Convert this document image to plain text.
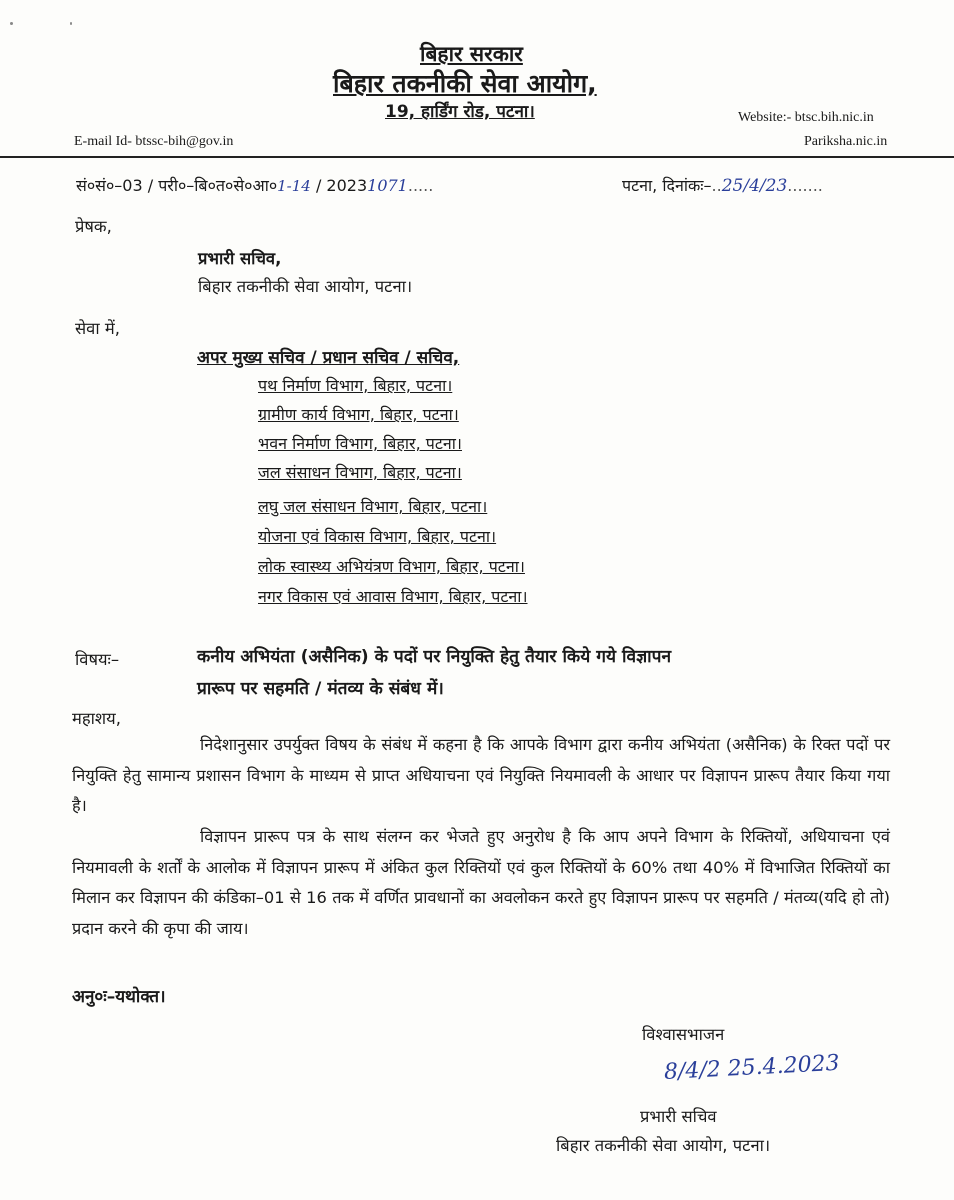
बिहार सरकार
बिहार तकनीकी सेवा आयोग,
19, हार्डिंग रोड, पटना।	Website:- btsc.bih.nic.in
Pariksha.nic.in
E-mail Id- btssc-bih@gov.in
सं०सं०–03 / परी०–बि०त०से०आ०1-14 / 20231071.....	पटना, दिनांकः–..25/4/23.......
प्रेषक,
प्रभारी सचिव,
बिहार तकनीकी सेवा आयोग, पटना।
सेवा में,
अपर मुख्य सचिव / प्रधान सचिव / सचिव,
पथ निर्माण विभाग, बिहार, पटना।
ग्रामीण कार्य विभाग, बिहार, पटना।
भवन निर्माण विभाग, बिहार, पटना।
जल संसाधन विभाग, बिहार, पटना।
लघु जल संसाधन विभाग, बिहार, पटना।
योजना एवं विकास विभाग, बिहार, पटना।
लोक स्वास्थ्य अभियंत्रण विभाग, बिहार, पटना।
नगर विकास एवं आवास विभाग, बिहार, पटना।
विषयः–	कनीय अभियंता (असैनिक) के पदों पर नियुक्ति हेतु तैयार किये गये विज्ञापन
प्रारूप पर सहमति / मंतव्य के संबंध में।
महाशय,
निदेशानुसार उपर्युक्त विषय के संबंध में कहना है कि आपके विभाग द्वारा कनीय अभियंता (असैनिक) के रिक्त पदों पर नियुक्ति हेतु सामान्य प्रशासन विभाग के माध्यम से प्राप्त अधियाचना एवं नियुक्ति नियमावली के आधार पर विज्ञापन प्रारूप तैयार किया गया है।
विज्ञापन प्रारूप पत्र के साथ संलग्न कर भेजते हुए अनुरोध है कि आप अपने विभाग के रिक्तियों, अधियाचना एवं नियमावली के शर्तों के आलोक में विज्ञापन प्रारूप में अंकित कुल रिक्तियों एवं कुल रिक्तियों के 60% तथा 40% में विभाजित रिक्तियों का मिलान कर विज्ञापन की कंडिका–01 से 16 तक में वर्णित प्रावधानों का अवलोकन करते हुए विज्ञापन प्रारूप पर सहमति / मंतव्य(यदि हो तो) प्रदान करने की कृपा की जाय।
अनु०ः–यथोक्त।
विश्वासभाजन
8/4/2 25.4.2023
प्रभारी सचिव
बिहार तकनीकी सेवा आयोग, पटना।
